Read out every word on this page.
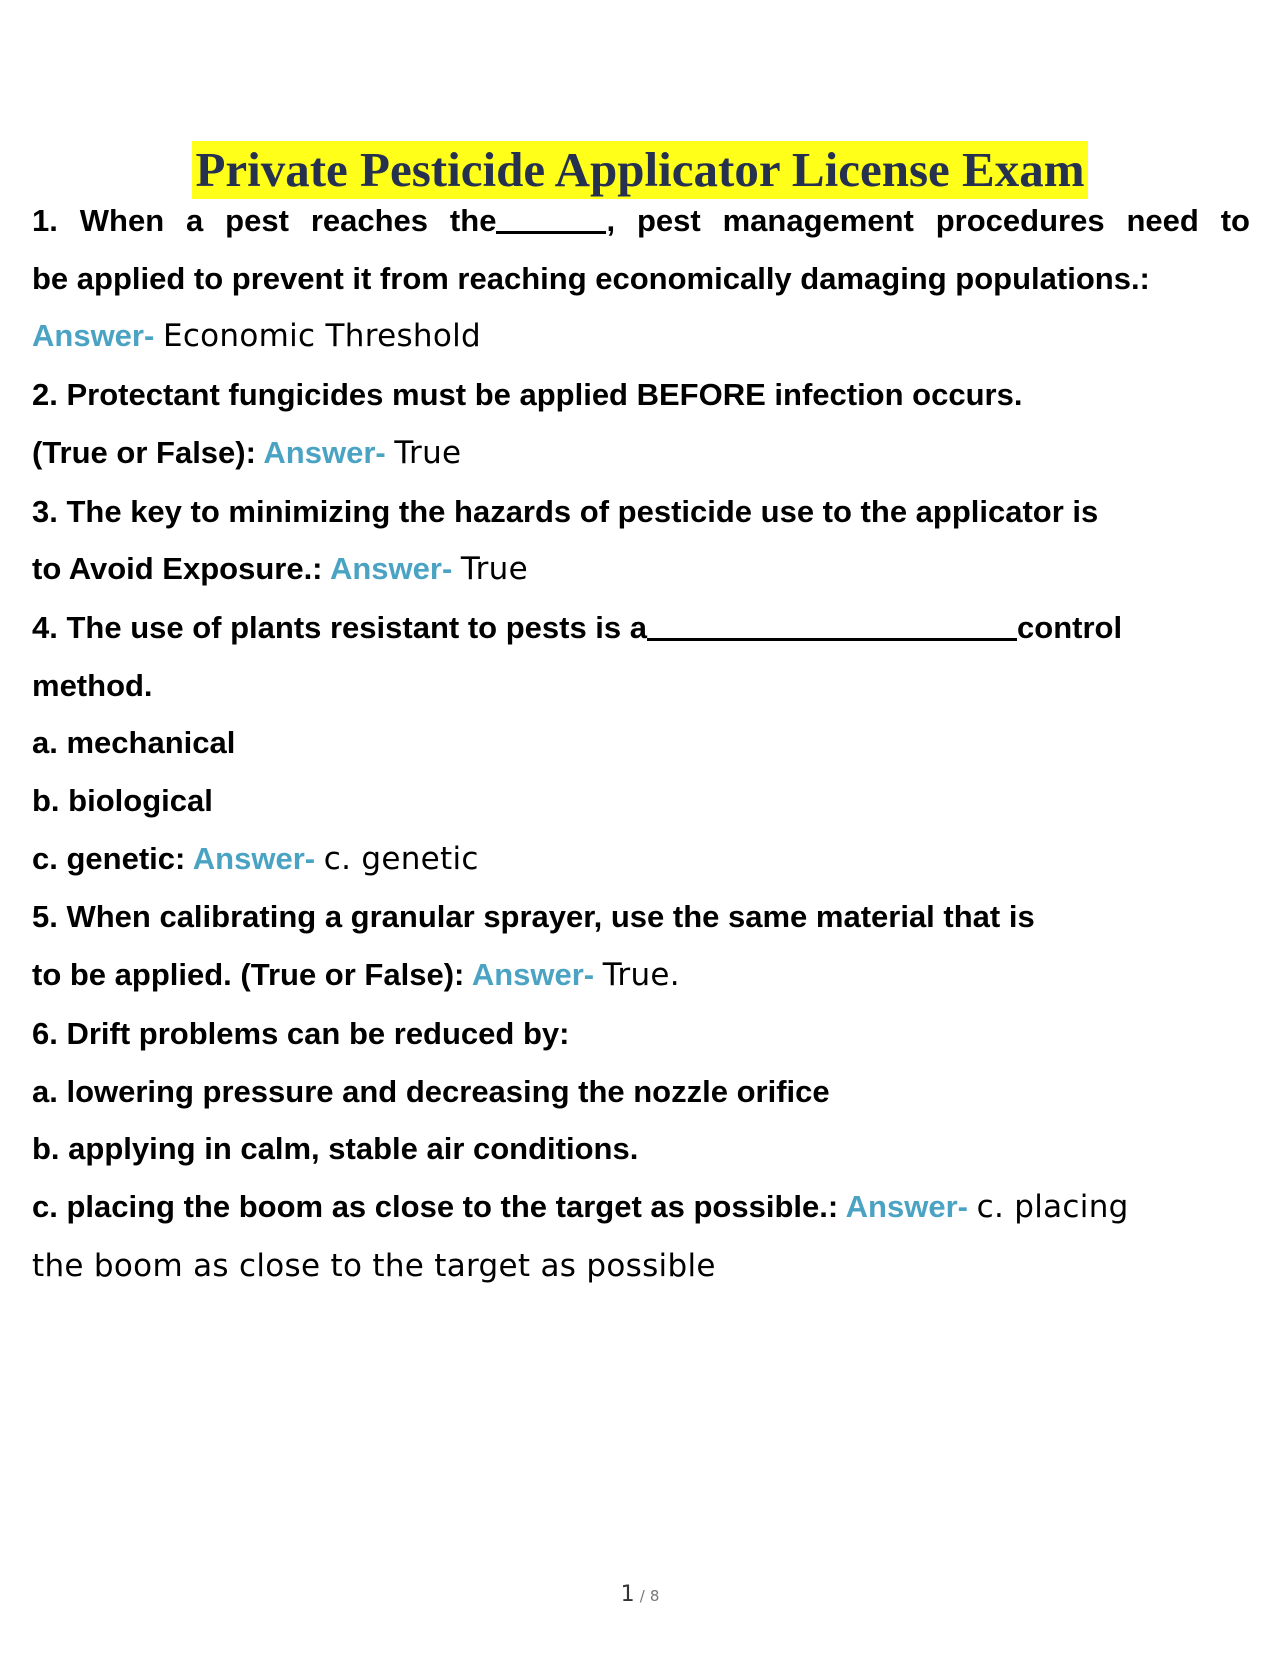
Private Pesticide Applicator License Exam
1. When a pest reaches the	, pest management procedures need to
be applied to prevent it from reaching economically damaging populations.:
Answer- Economic Threshold
2. Protectant fungicides must be applied BEFORE infection occurs.
(True or False): Answer- True
3. The key to minimizing the hazards of pesticide use to the applicator is
to Avoid Exposure.: Answer- True
4. The use of plants resistant to pests is a	control
method.
a. mechanical
b. biological
c. genetic: Answer- c. genetic
5. When calibrating a granular sprayer, use the same material that is
to be applied. (True or False): Answer- True.
6. Drift problems can be reduced by:
a. lowering pressure and decreasing the nozzle orifice
b. applying in calm, stable air conditions.
c. placing the boom as close to the target as possible.: Answer- c. placing
the boom as close to the target as possible
1 / 8
